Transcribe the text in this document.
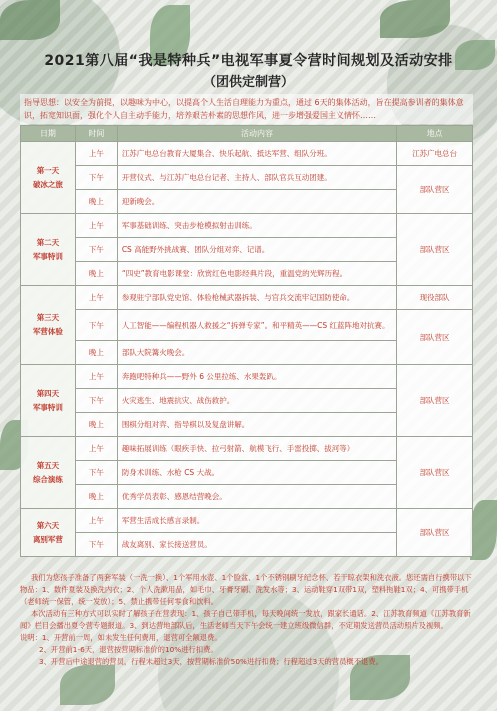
2021第八届“我是特种兵”电视军事夏令营时间规划及活动安排
（团供定制营）
指导思想：以安全为前提，以趣味为中心，以提高个人生活自理能力为重点，通过 6天的集体活动，旨在提高参训者的集体意识，拓宽知识面，强化个人自主动手能力，培养艰苦朴素的思想作风，进一步增强爱国主义情怀……
日期	时间	活动内容	地点

第一天
破冰之旅	上午	江苏广电总台教育大厦集合、快乐起航、抵达军营、组队分班。	江苏广电总台
	下午	开营仪式、与江苏广电总台记者、主持人、部队官兵互动团建。	部队营区
	晚上	迎新晚会。	

第二天
军事特训	上午	军事基础训练、突击步枪模拟射击训练。	部队营区
	下午	CS 高能野外挑战赛、团队分组对弈、记谱。	
	晚上	“四史”教育电影课堂：欣赏红色电影经典片段，重温党的光辉历程。	

第三天
军营体验	上午	参观驻宁部队党史馆、体验枪械武器拆装、与官兵交流牢记国防使命。	现役部队
	下午	人工智能——编程机器人救援之“拆弹专家”。和平精英——CS 红蓝阵地对抗赛。	部队营区
	晚上	部队大院篝火晚会。	

第四天
军事特训	上午	奔跑吧特种兵——野外 6 公里拉练、水果轰趴。	部队营区
	下午	火灾逃生、地震抗灾、战伤救护。	
	晚上	围棋分组对弈、指导棋以及复盘讲解。	

第五天
综合演练	上午	趣味拓展训练（眼疾手快、拉弓射箭、航模飞行、手雷投掷、拔河等）	部队营区
	下午	防身术训练、水枪 CS 大战。	
	晚上	优秀学员表彰、感恩结营晚会。	

第六天
离别军营	上午	军营生活成长感言录制。	部队营区
	下午	战友离别、家长接送营员。	

我们为您孩子准备了两套军装（一洗一换）、1个军用水壶、1个脸盆、1个不锈钢刷牙纪念杯、若干晾衣架和洗衣液。您还需自行携带以下物品：1、数件夏装及换洗内衣；2、个人洗漱用品，如毛巾、牙膏牙刷、洗发水等；3、运动鞋穿1双带1双，塑料拖鞋1双；4、可携带手机（老师统一保管，统一发放）；5、禁止携带任何零食和饮料。

本次活动有三种方式可以实时了解孩子在营表现：1、孩子自己带手机，每天晚间统一发放，跟家长通话。2、江苏教育频道《江苏教育新闻》栏目会播出夏令营专题报道。3、到达营地部队后，生活老师当天下午会统一建立班级微信群，不定期发送营员活动照片及视频。

说明：1、开营前一周，如未发生任何费用，退营可全额退费。

2、开营前1-6天，退营按营期标准价的10%进行扣费。

3、开营后中途退营的营员，行程未超过3天，按营期标准价50%进行扣费；行程超过3天的营员概不退费。
